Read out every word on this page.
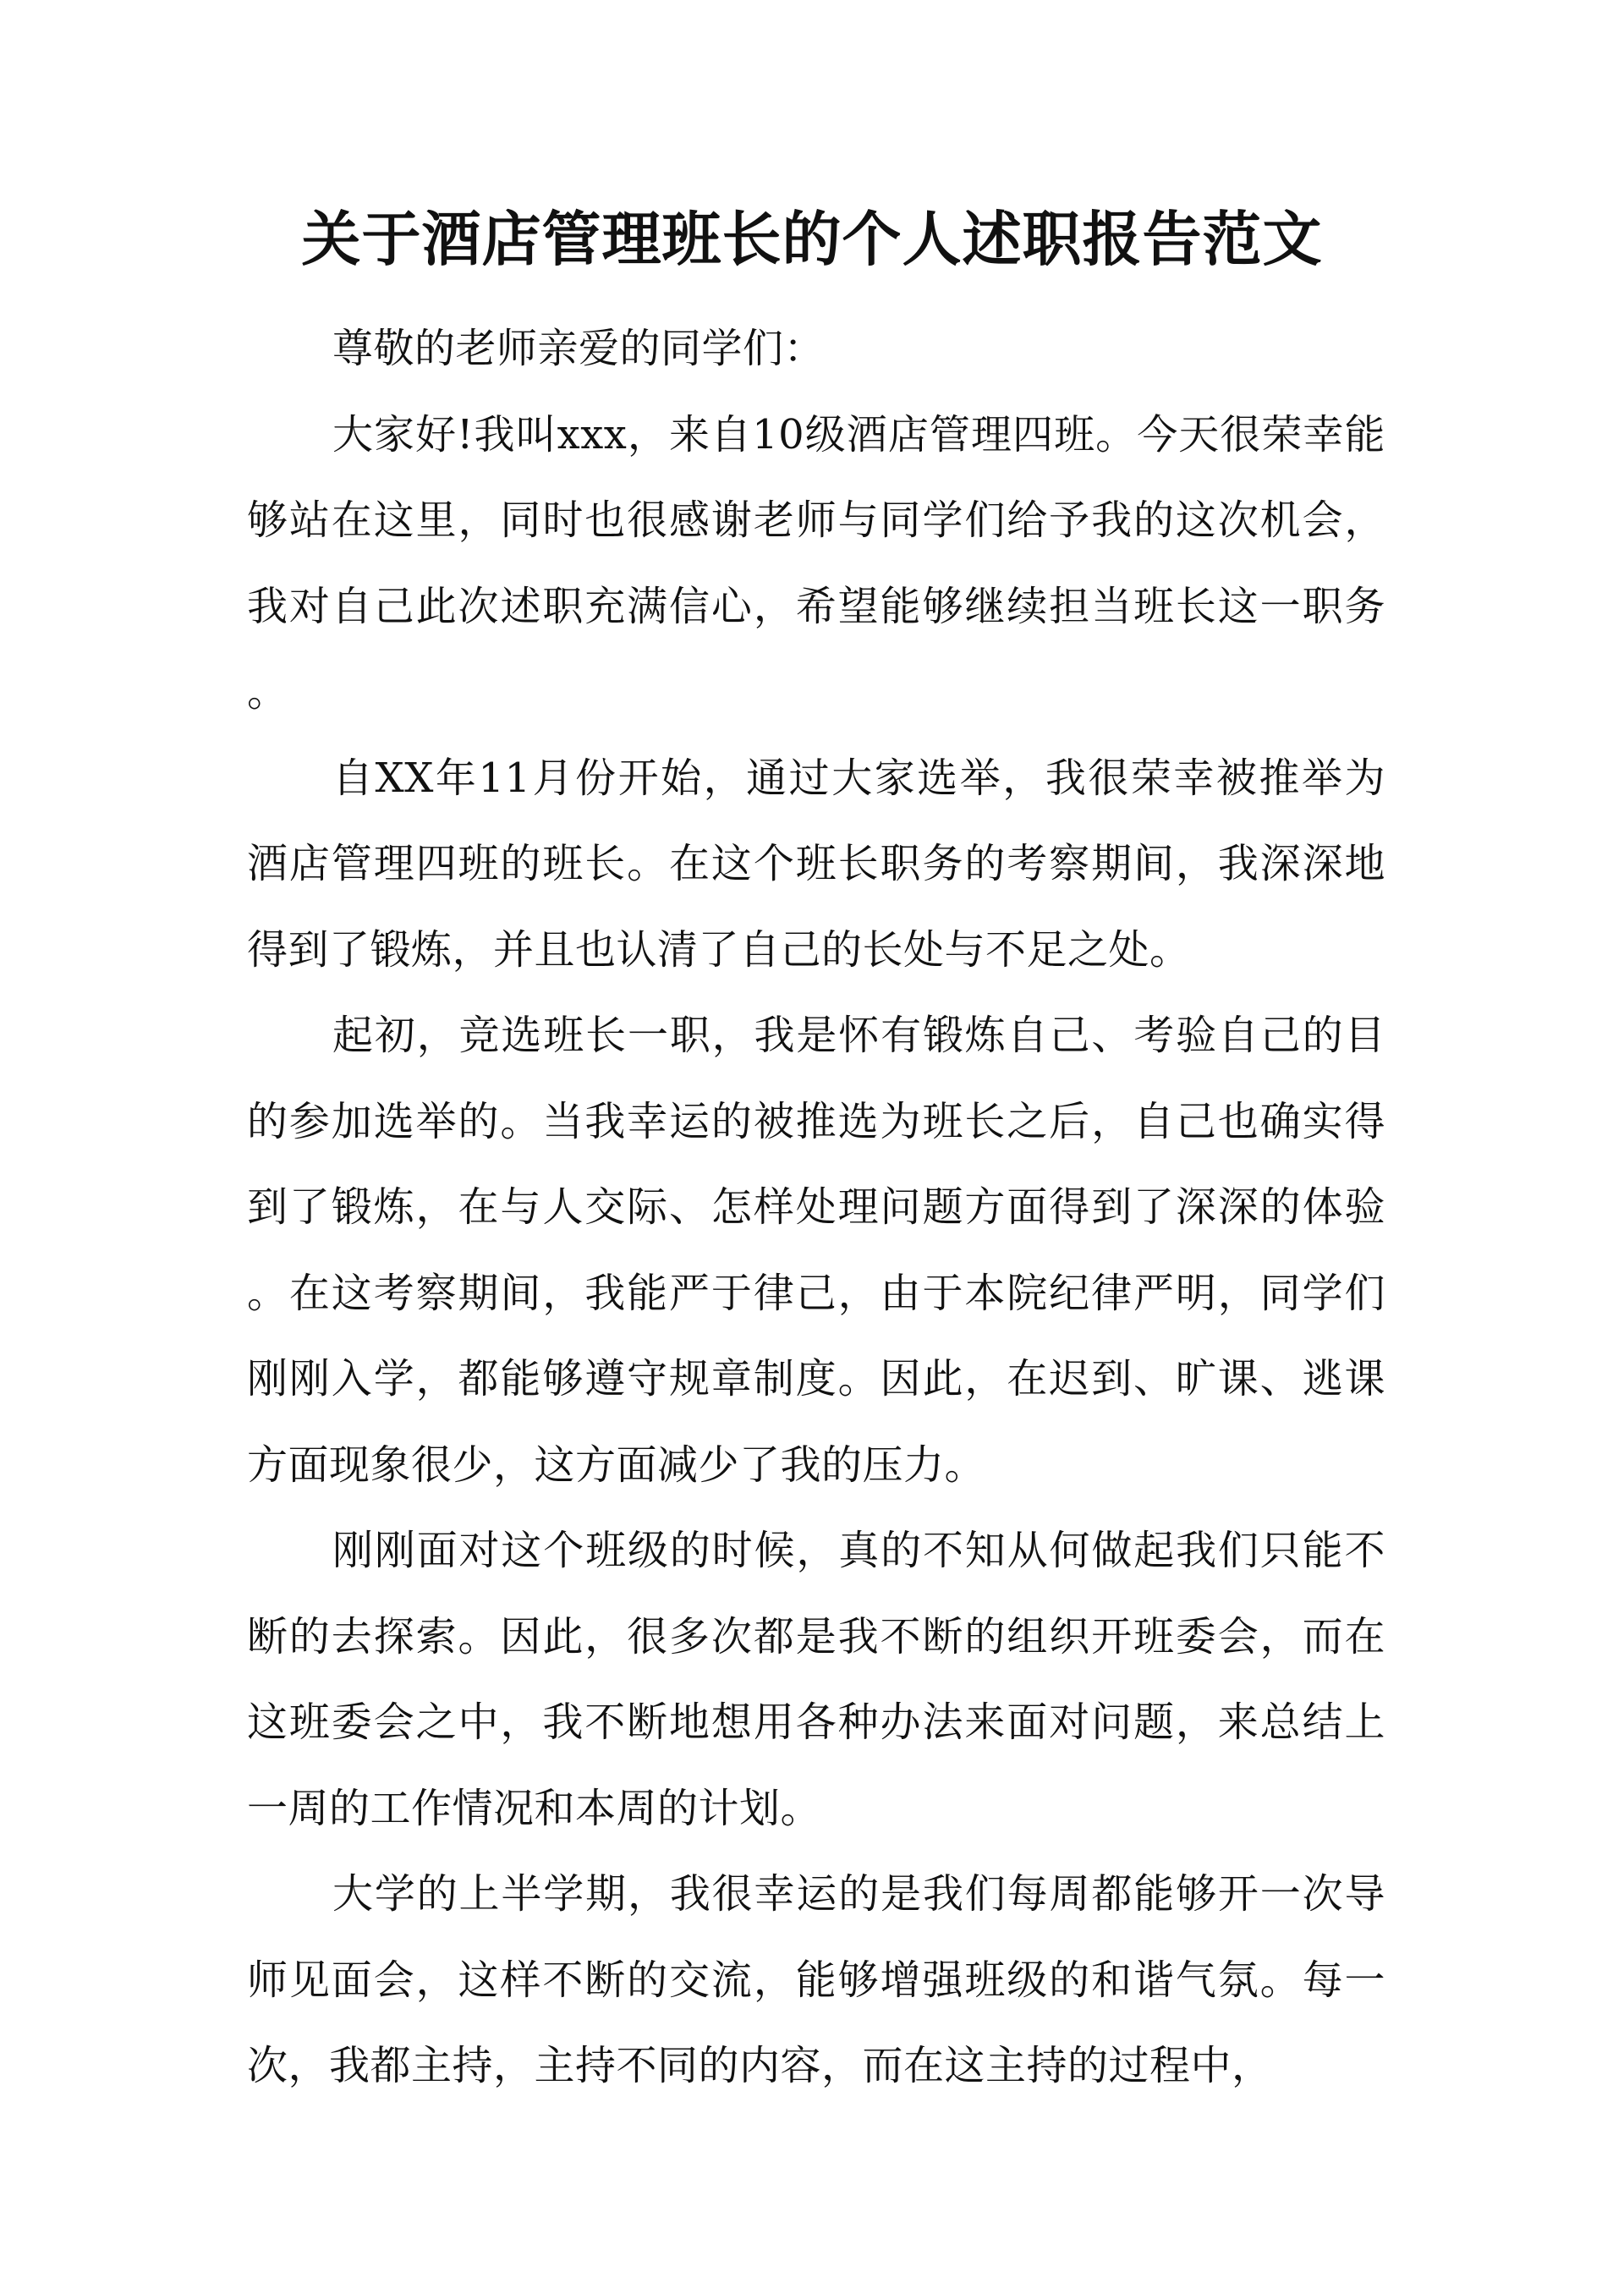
关于酒店管理班长的个人述职报告范文

尊敬的老师亲爱的同学们：

大家好!我叫xxx，来自10级酒店管理四班。今天很荣幸能够站在这里，同时也很感谢老师与同学们给予我的这次机会，我对自己此次述职充满信心，希望能够继续担当班长这一职务。

自XX年11月份开始，通过大家选举，我很荣幸被推举为酒店管理四班的班长。在这个班长职务的考察期间，我深深地得到了锻炼，并且也认清了自己的长处与不足之处。

起初，竞选班长一职，我是怀有锻炼自己、考验自己的目的参加选举的。当我幸运的被推选为班长之后，自己也确实得到了锻炼，在与人交际、怎样处理问题方面得到了深深的体验。在这考察期间，我能严于律己，由于本院纪律严明，同学们刚刚入学，都能够遵守规章制度。因此，在迟到、旷课、逃课方面现象很少，这方面减少了我的压力。

刚刚面对这个班级的时候，真的不知从何做起我们只能不断的去探索。因此，很多次都是我不断的组织开班委会，而在这班委会之中，我不断地想用各种办法来面对问题，来总结上一周的工作情况和本周的计划。

大学的上半学期，我很幸运的是我们每周都能够开一次导师见面会，这样不断的交流，能够增强班级的和谐气氛。每一次，我都主持，主持不同的内容，而在这主持的过程中，
